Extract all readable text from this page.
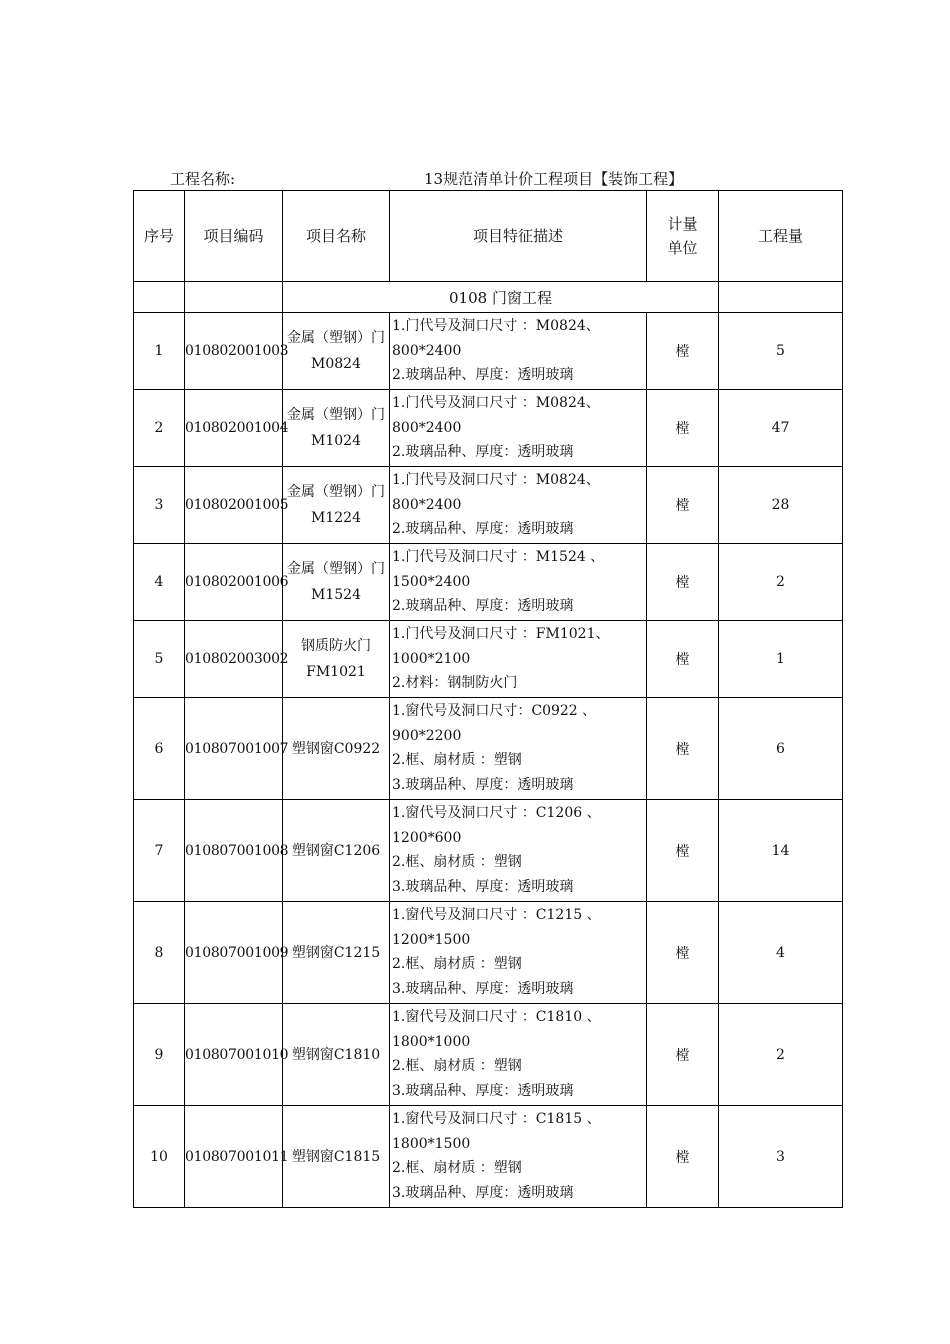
工程名称:	13规范清单计价工程项目【装饰工程】
序号	项目编码	项目名称	项目特征描述	计量
单位	工程量
		0108 门窗工程			
1	010802001003	金属（塑钢）门
M0824	1.门代号及洞口尺寸 ：M0824、
800*2400
2.玻璃品种、厚度：透明玻璃	樘	5
2	010802001004	金属（塑钢）门
M1024	1.门代号及洞口尺寸 ：M0824、
800*2400
2.玻璃品种、厚度：透明玻璃	樘	47
3	010802001005	金属（塑钢）门
M1224	1.门代号及洞口尺寸 ：M0824、
800*2400
2.玻璃品种、厚度：透明玻璃	樘	28
4	010802001006	金属（塑钢）门
M1524	1.门代号及洞口尺寸 ：M1524 、
1500*2400
2.玻璃品种、厚度：透明玻璃	樘	2
5	010802003002	钢质防火门
FM1021	1.门代号及洞口尺寸 ：FM1021、
1000*2100
2.材料：钢制防火门	樘	1
6	010807001007	塑钢窗C0922	1.窗代号及洞口尺寸：C0922 、
900*2200
2.框、扇材质 ：塑钢
3.玻璃品种、厚度：透明玻璃	樘	6
7	010807001008	塑钢窗C1206	1.窗代号及洞口尺寸 ：C1206 、
1200*600
2.框、扇材质 ：塑钢
3.玻璃品种、厚度：透明玻璃	樘	14
8	010807001009	塑钢窗C1215	1.窗代号及洞口尺寸 ：C1215 、
1200*1500
2.框、扇材质 ：塑钢
3.玻璃品种、厚度：透明玻璃	樘	4
9	010807001010	塑钢窗C1810	1.窗代号及洞口尺寸 ：C1810 、
1800*1000
2.框、扇材质 ：塑钢
3.玻璃品种、厚度：透明玻璃	樘	2
10	010807001011	塑钢窗C1815	1.窗代号及洞口尺寸 ：C1815 、
1800*1500
2.框、扇材质 ：塑钢
3.玻璃品种、厚度：透明玻璃	樘	3
